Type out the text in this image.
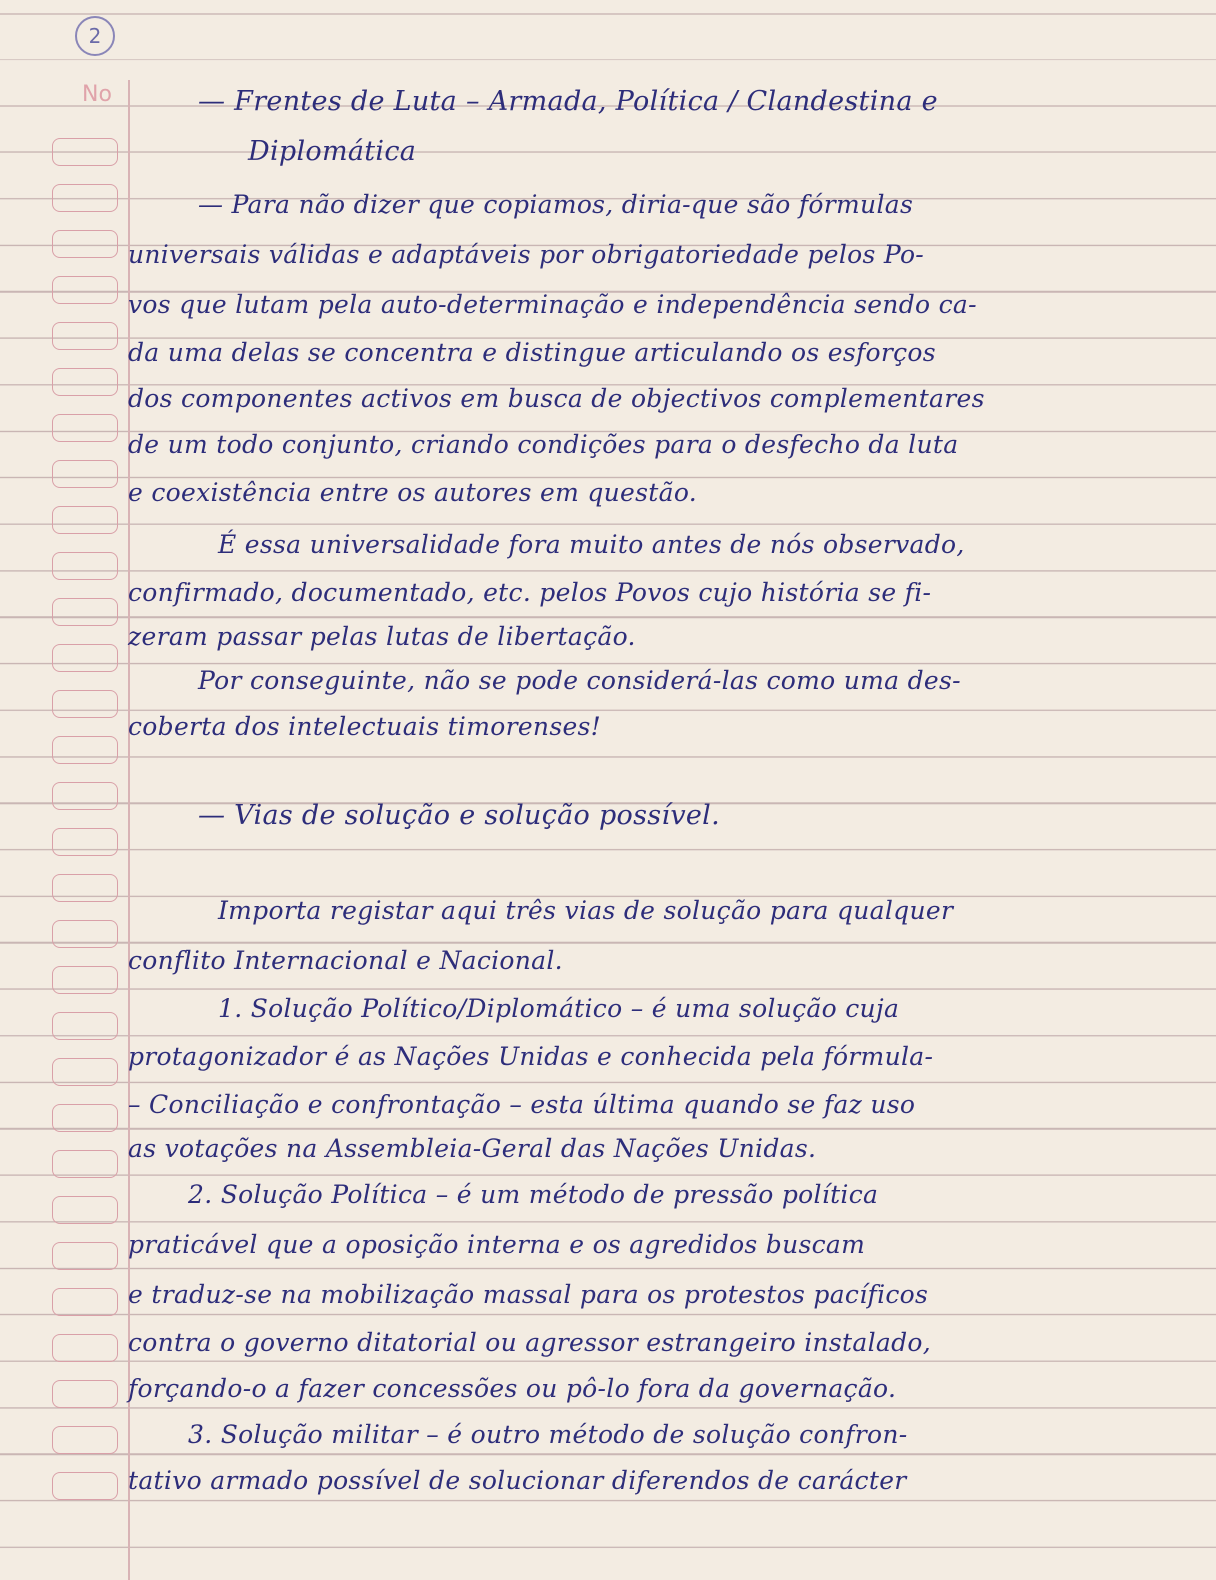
2
No	— Frentes de Luta – Armada, Política / Clandestina e
Diplomática
— Para não dizer que copiamos, diria-que são fórmulas
universais válidas e adaptáveis por obrigatoriedade pelos Po-
vos que lutam pela auto-determinação e independência sendo ca-
da uma delas se concentra e distingue articulando os esforços
dos componentes activos em busca de objectivos complementares
de um todo conjunto, criando condições para o desfecho da luta
e coexistência entre os autores em questão.
É essa universalidade fora muito antes de nós observado,
confirmado, documentado, etc. pelos Povos cujo história se fi-
zeram passar pelas lutas de libertação.
Por conseguinte, não se pode considerá-las como uma des-
coberta dos intelectuais timorenses!
— Vias de solução e solução possível.
Importa registar aqui três vias de solução para qualquer
conflito Internacional e Nacional.
1. Solução Político/Diplomático – é uma solução cuja
protagonizador é as Nações Unidas e conhecida pela fórmula-
– Conciliação e confrontação – esta última quando se faz uso
as votações na Assembleia-Geral das Nações Unidas.
2. Solução Política – é um método de pressão política
praticável que a oposição interna e os agredidos buscam
e traduz-se na mobilização massal para os protestos pacíficos
contra o governo ditatorial ou agressor estrangeiro instalado,
forçando-o a fazer concessões ou pô-lo fora da governação.
3. Solução militar – é outro método de solução confron-
tativo armado possível de solucionar diferendos de carácter
